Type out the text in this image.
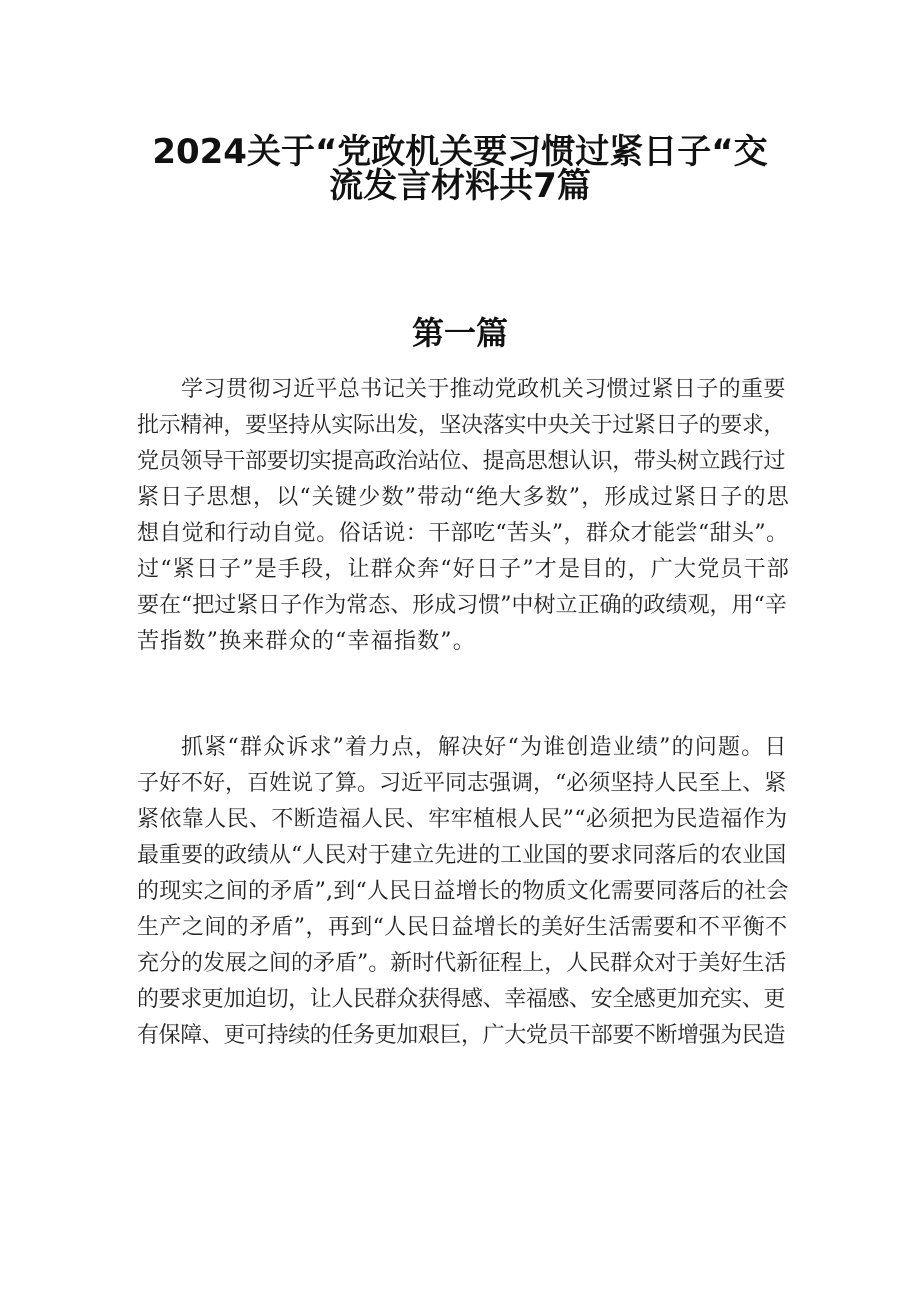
2024关于“党政机关要习惯过紧日子“交
流发言材料共7篇
第一篇
学习贯彻习近平总书记关于推动党政机关习惯过紧日子的重要
批示精神，要坚持从实际出发，坚决落实中央关于过紧日子的要求，
党员领导干部要切实提高政治站位、提高思想认识，带头树立践行过
紧日子思想，以“关键少数”带动“绝大多数”，形成过紧日子的思
想自觉和行动自觉。俗话说：干部吃“苦头”，群众才能尝“甜头”。
过“紧日子”是手段，让群众奔“好日子”才是目的，广大党员干部
要在“把过紧日子作为常态、形成习惯”中树立正确的政绩观，用“辛
苦指数”换来群众的“幸福指数”。
抓紧“群众诉求”着力点，解决好“为谁创造业绩”的问题。日
子好不好，百姓说了算。习近平同志强调，“必须坚持人民至上、紧
紧依靠人民、不断造福人民、牢牢植根人民”“必须把为民造福作为
最重要的政绩从“人民对于建立先进的工业国的要求同落后的农业国
的现实之间的矛盾”,到“人民日益增长的物质文化需要同落后的社会
生产之间的矛盾”，再到“人民日益增长的美好生活需要和不平衡不
充分的发展之间的矛盾”。新时代新征程上，人民群众对于美好生活
的要求更加迫切，让人民群众获得感、幸福感、安全感更加充实、更
有保障、更可持续的任务更加艰巨，广大党员干部要不断增强为民造
